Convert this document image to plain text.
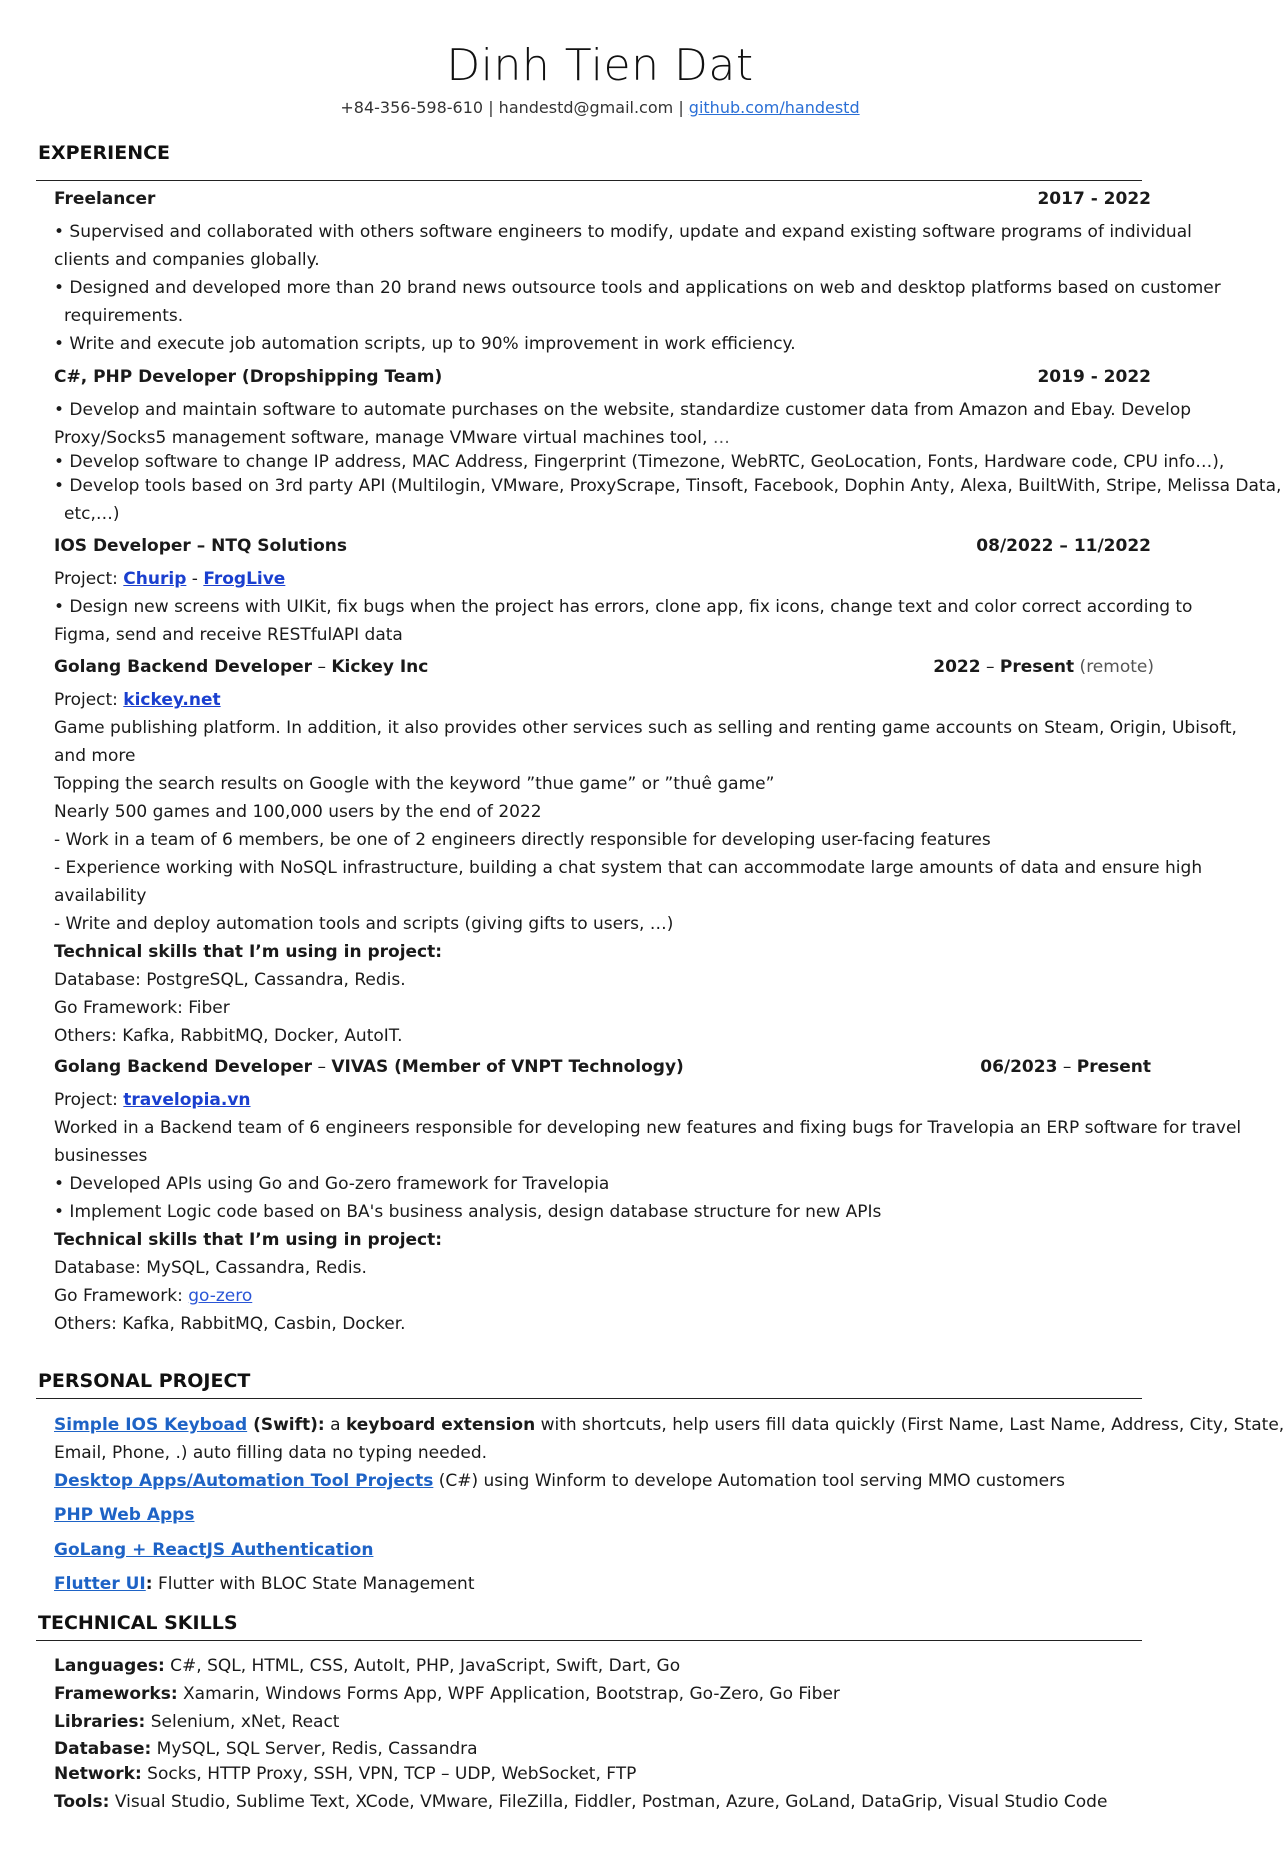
Dinh Tien Dat
+84-356-598-610 | handestd@gmail.com | github.com/handestd
EXPERIENCE
Freelancer	2017 - 2022
• Supervised and collaborated with others software engineers to modify, update and expand existing software programs of individual
clients and companies globally.
• Designed and developed more than 20 brand news outsource tools and applications on web and desktop platforms based on customer
requirements.
• Write and execute job automation scripts, up to 90% improvement in work efficiency.
C#, PHP Developer (Dropshipping Team)	2019 - 2022
• Develop and maintain software to automate purchases on the website, standardize customer data from Amazon and Ebay. Develop
Proxy/Socks5 management software, manage VMware virtual machines tool, …
• Develop software to change IP address, MAC Address, Fingerprint (Timezone, WebRTC, GeoLocation, Fonts, Hardware code, CPU info…),
• Develop tools based on 3rd party API (Multilogin, VMware, ProxyScrape, Tinsoft, Facebook, Dophin Anty, Alexa, BuiltWith, Stripe, Melissa Data,
etc,…)
IOS Developer – NTQ Solutions	08/2022 – 11/2022
Project: Churip - FrogLive
• Design new screens with UIKit, fix bugs when the project has errors, clone app, fix icons, change text and color correct according to
Figma, send and receive RESTfulAPI data
Golang Backend Developer – Kickey Inc	2022 – Present (remote)
Project: kickey.net
Game publishing platform. In addition, it also provides other services such as selling and renting game accounts on Steam, Origin, Ubisoft,
and more
Topping the search results on Google with the keyword ”thue game” or ”thuê game”
Nearly 500 games and 100,000 users by the end of 2022
- Work in a team of 6 members, be one of 2 engineers directly responsible for developing user-facing features
- Experience working with NoSQL infrastructure, building a chat system that can accommodate large amounts of data and ensure high
availability
- Write and deploy automation tools and scripts (giving gifts to users, …)
Technical skills that I’m using in project:
Database: PostgreSQL, Cassandra, Redis.
Go Framework: Fiber
Others: Kafka, RabbitMQ, Docker, AutoIT.
Golang Backend Developer – VIVAS (Member of VNPT Technology)	06/2023 – Present
Project: travelopia.vn
Worked in a Backend team of 6 engineers responsible for developing new features and fixing bugs for Travelopia an ERP software for travel
businesses
• Developed APIs using Go and Go-zero framework for Travelopia
• Implement Logic code based on BA's business analysis, design database structure for new APIs
Technical skills that I’m using in project:
Database: MySQL, Cassandra, Redis.
Go Framework: go-zero
Others: Kafka, RabbitMQ, Casbin, Docker.
PERSONAL PROJECT
Simple IOS Keyboad (Swift): a keyboard extension with shortcuts, help users fill data quickly (First Name, Last Name, Address, City, State,
Email, Phone, .) auto filling data no typing needed.
Desktop Apps/Automation Tool Projects (C#) using Winform to develope Automation tool serving MMO customers
PHP Web Apps
GoLang + ReactJS Authentication
Flutter UI: Flutter with BLOC State Management
TECHNICAL SKILLS
Languages: C#, SQL, HTML, CSS, AutoIt, PHP, JavaScript, Swift, Dart, Go
Frameworks: Xamarin, Windows Forms App, WPF Application, Bootstrap, Go-Zero, Go Fiber
Libraries: Selenium, xNet, React
Database: MySQL, SQL Server, Redis, Cassandra
Network: Socks, HTTP Proxy, SSH, VPN, TCP – UDP, WebSocket, FTP
Tools: Visual Studio, Sublime Text, XCode, VMware, FileZilla, Fiddler, Postman, Azure, GoLand, DataGrip, Visual Studio Code
